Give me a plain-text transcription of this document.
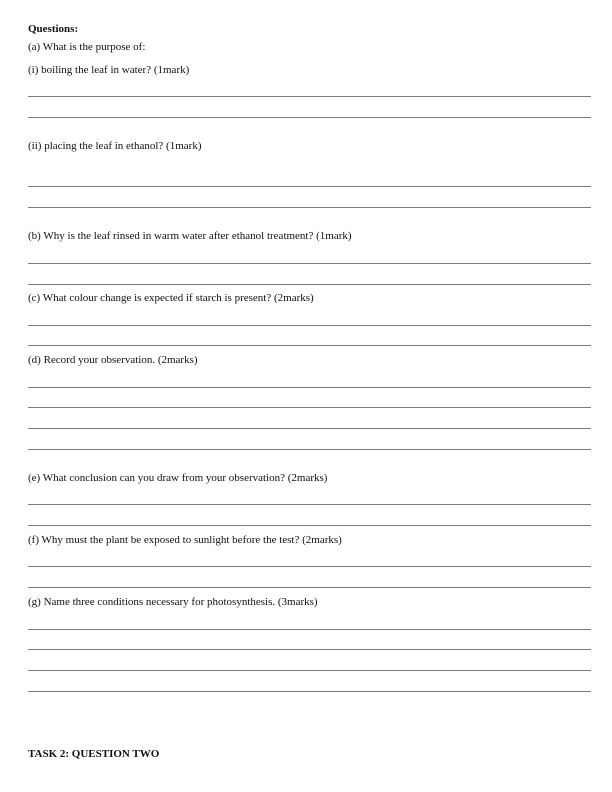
Questions:
(a) What is the purpose of:
(i) boiling the leaf in water? (1mark)
(ii) placing the leaf in ethanol? (1mark)
(b) Why is the leaf rinsed in warm water after ethanol treatment? (1mark)
(c) What colour change is expected if starch is present? (2marks)
(d) Record your observation. (2marks)
(e) What conclusion can you draw from your observation? (2marks)
(f) Why must the plant be exposed to sunlight before the test? (2marks)
(g) Name three conditions necessary for photosynthesis. (3marks)
TASK 2: QUESTION TWO
